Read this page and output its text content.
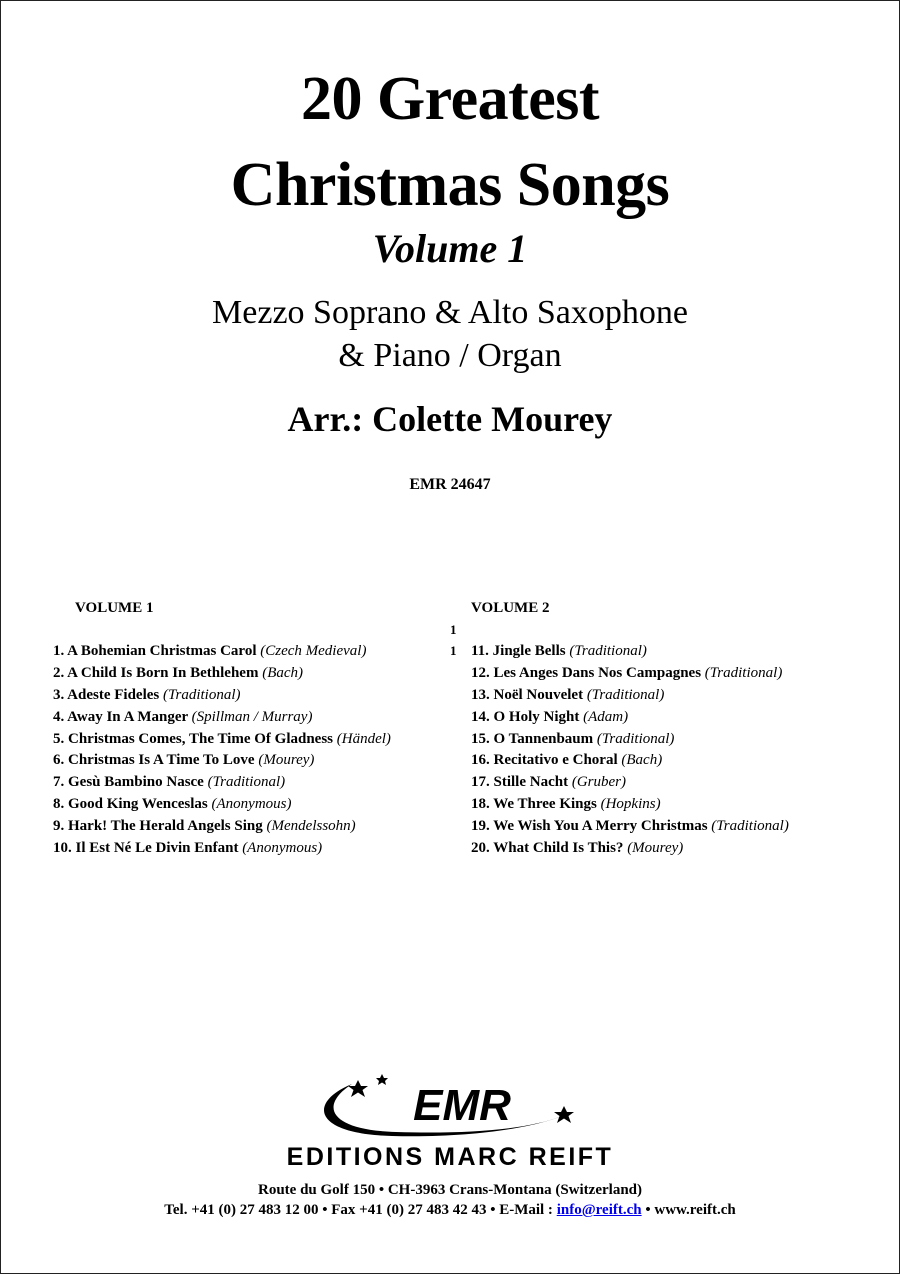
20 Greatest
Christmas Songs
Volume 1
Mezzo Soprano & Alto Saxophone
& Piano / Organ
Arr.: Colette Mourey
EMR 24647
VOLUME 1	VOLUME 2
1
1
1. A Bohemian Christmas Carol (Czech Medieval)
2. A Child Is Born In Bethlehem (Bach)
3. Adeste Fideles (Traditional)
4. Away In A Manger (Spillman / Murray)
5. Christmas Comes, The Time Of Gladness (Händel)
6. Christmas Is A Time To Love (Mourey)
7. Gesù Bambino Nasce (Traditional)
8. Good King Wenceslas (Anonymous)
9. Hark! The Herald Angels Sing (Mendelssohn)
10. Il Est Né Le Divin Enfant (Anonymous)
11. Jingle Bells (Traditional)
12. Les Anges Dans Nos Campagnes (Traditional)
13. Noël Nouvelet (Traditional)
14. O Holy Night (Adam)
15. O Tannenbaum (Traditional)
16. Recitativo e Choral (Bach)
17. Stille Nacht (Gruber)
18. We Three Kings (Hopkins)
19. We Wish You A Merry Christmas (Traditional)
20. What Child Is This? (Mourey)
EMR
EDITIONS MARC REIFT
Route du Golf 150 • CH-3963 Crans-Montana (Switzerland)
Tel. +41 (0) 27 483 12 00 • Fax +41 (0) 27 483 42 43 • E-Mail : info@reift.ch • www.reift.ch
